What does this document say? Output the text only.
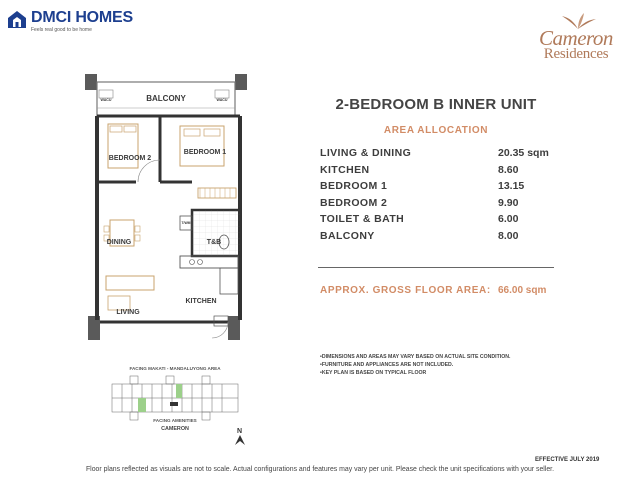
DMCI HOMES
Feels real good to be home	Cameron
Residences
BALCONY
WACU	WACU
BEDROOM 2
BEDROOM 1
DINING	T&B
KITCHEN
LIVING
T/WM
REF
2-BEDROOM B INNER UNIT
AREA ALLOCATION
LIVING & DINING	20.35 sqm
KITCHEN	8.60
BEDROOM 1	13.15
BEDROOM 2	9.90
TOILET & BATH	6.00
BALCONY	8.00
APPROX. GROSS FLOOR AREA: 66.00 sqm
• DIMENSIONS AND AREAS MAY VARY BASED ON ACTUAL SITE CONDITION.
• FURNITURE AND APPLIANCES ARE NOT INCLUDED.
• KEY PLAN IS BASED ON TYPICAL FLOOR
FACING MAKATI - MANDALUYONG AREA
FACING AMENITIES
CAMERON	N
EFFECTIVE JULY 2019
Floor plans reflected as visuals are not to scale. Actual configurations and features may vary per unit. Please check the unit specifications with your seller.
